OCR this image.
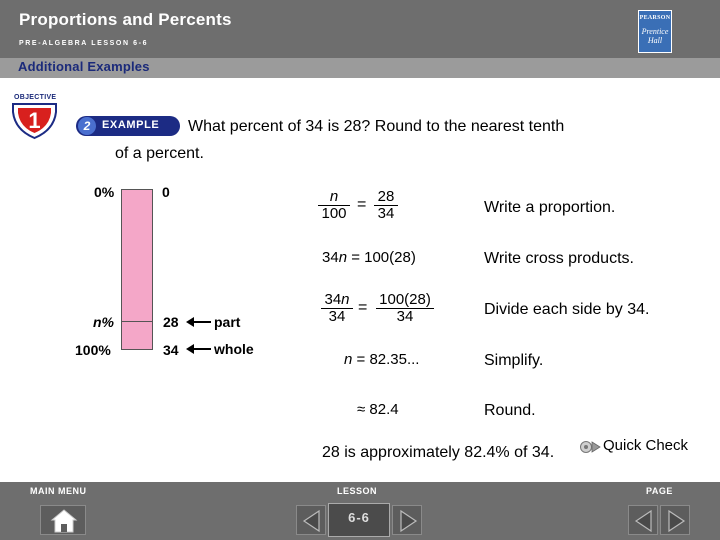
Proportions and Percents
PRE-ALGEBRA LESSON 6-6
PEARSON
Prentice Hall
Additional Examples
OBJECTIVE
1	2	EXAMPLE What percent of 34 is 28? Round to the nearest tenth
of a percent.
0%	0
n%	28	part
100%	34	whole
$\frac{n}{100} = \frac{28}{34}$	Write a proportion.
34n = 100(28)	Write cross products.
$\frac{34n}{34} = \frac{100(28)}{34}$	Divide each side by 34.
n = 82.35...	Simplify.
≈ 82.4	Round.
28 is approximately 82.4% of 34.	Quick Check
MAIN MENU	LESSON	PAGE
6-6
